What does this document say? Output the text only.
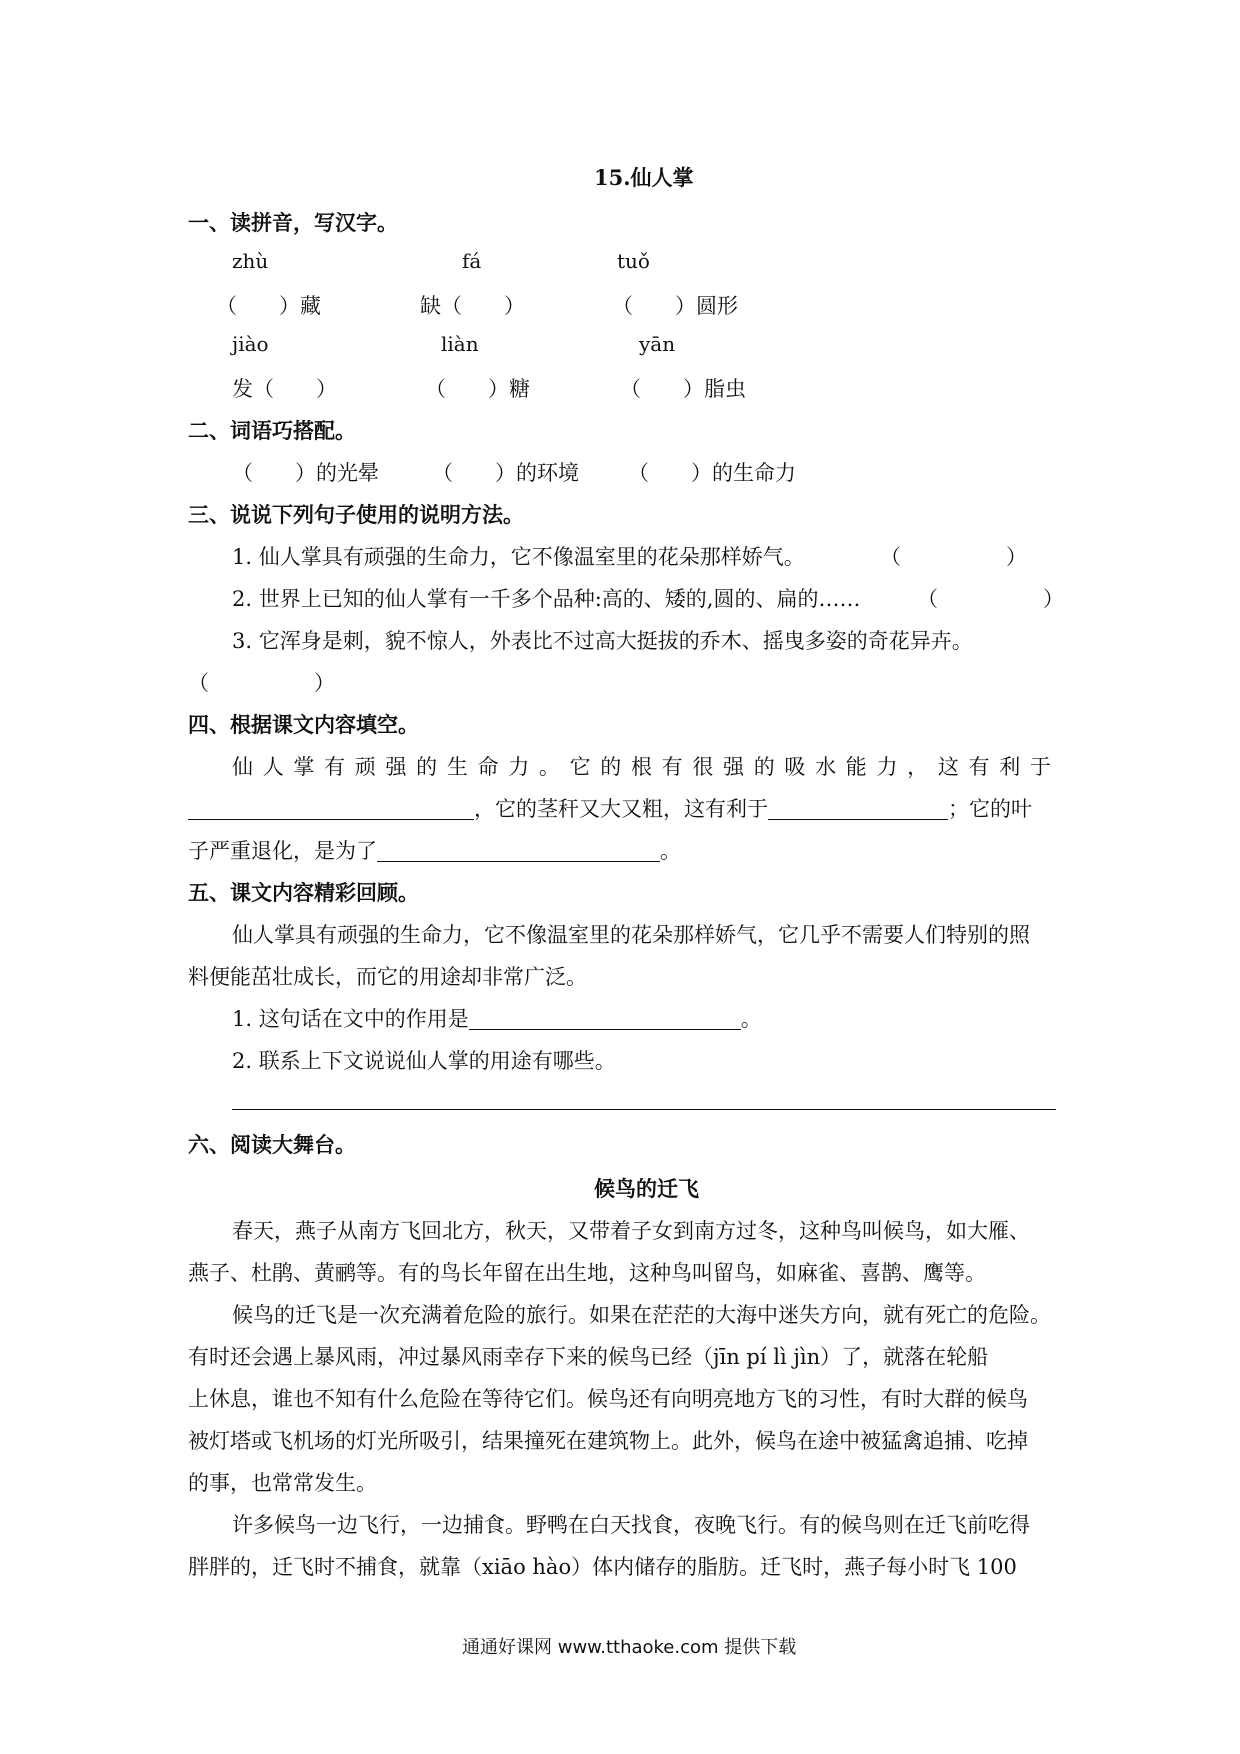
15.仙人掌
一、读拼音，写汉字。
zhù	fá	tuǒ
（　　）藏	缺（　　）	（　　）圆形
jiào	liàn	yān
发（　　）	（　　）糖	（　　）脂虫
二、词语巧搭配。
（　　）的光晕	（　　）的环境 （　　）的生命力
三、说说下列句子使用的说明方法。
1. 仙人掌具有顽强的生命力，它不像温室里的花朵那样娇气。	（　　　　　）
2. 世界上已知的仙人掌有一千多个品种:高的、矮的,圆的、扁的……	（　　　　　）
3. 它浑身是刺，貌不惊人，外表比不过高大挺拔的乔木、摇曳多姿的奇花异卉。
（　　　　　）
四、根据课文内容填空。
仙 人 掌 有 顽 强 的 生 命 力 。 它 的 根 有 很 强 的 吸 水 能 力 ， 这 有 利 于
，它的茎秆又大又粗，这有利于	；它的叶
子严重退化，是为了	。
五、课文内容精彩回顾。
仙人掌具有顽强的生命力，它不像温室里的花朵那样娇气，它几乎不需要人们特别的照
料便能茁壮成长，而它的用途却非常广泛。
1. 这句话在文中的作用是	。
2. 联系上下文说说仙人掌的用途有哪些。
六、阅读大舞台。
候鸟的迁飞
春天，燕子从南方飞回北方，秋天，又带着子女到南方过冬，这种鸟叫候鸟，如大雁、
燕子、杜鹃、黄鹂等。有的鸟长年留在出生地，这种鸟叫留鸟，如麻雀、喜鹊、鹰等。
候鸟的迁飞是一次充满着危险的旅行。如果在茫茫的大海中迷失方向，就有死亡的危险。
有时还会遇上暴风雨，冲过暴风雨幸存下来的候鸟已经（jīn pí lì jìn）了，就落在轮船
上休息，谁也不知有什么危险在等待它们。候鸟还有向明亮地方飞的习性，有时大群的候鸟
被灯塔或飞机场的灯光所吸引，结果撞死在建筑物上。此外，候鸟在途中被猛禽追捕、吃掉
的事，也常常发生。
许多候鸟一边飞行，一边捕食。野鸭在白天找食，夜晚飞行。有的候鸟则在迁飞前吃得
胖胖的，迁飞时不捕食，就靠（xiāo hào）体内储存的脂肪。迁飞时，燕子每小时飞 100
通通好课网 www.tthaoke.com 提供下载
